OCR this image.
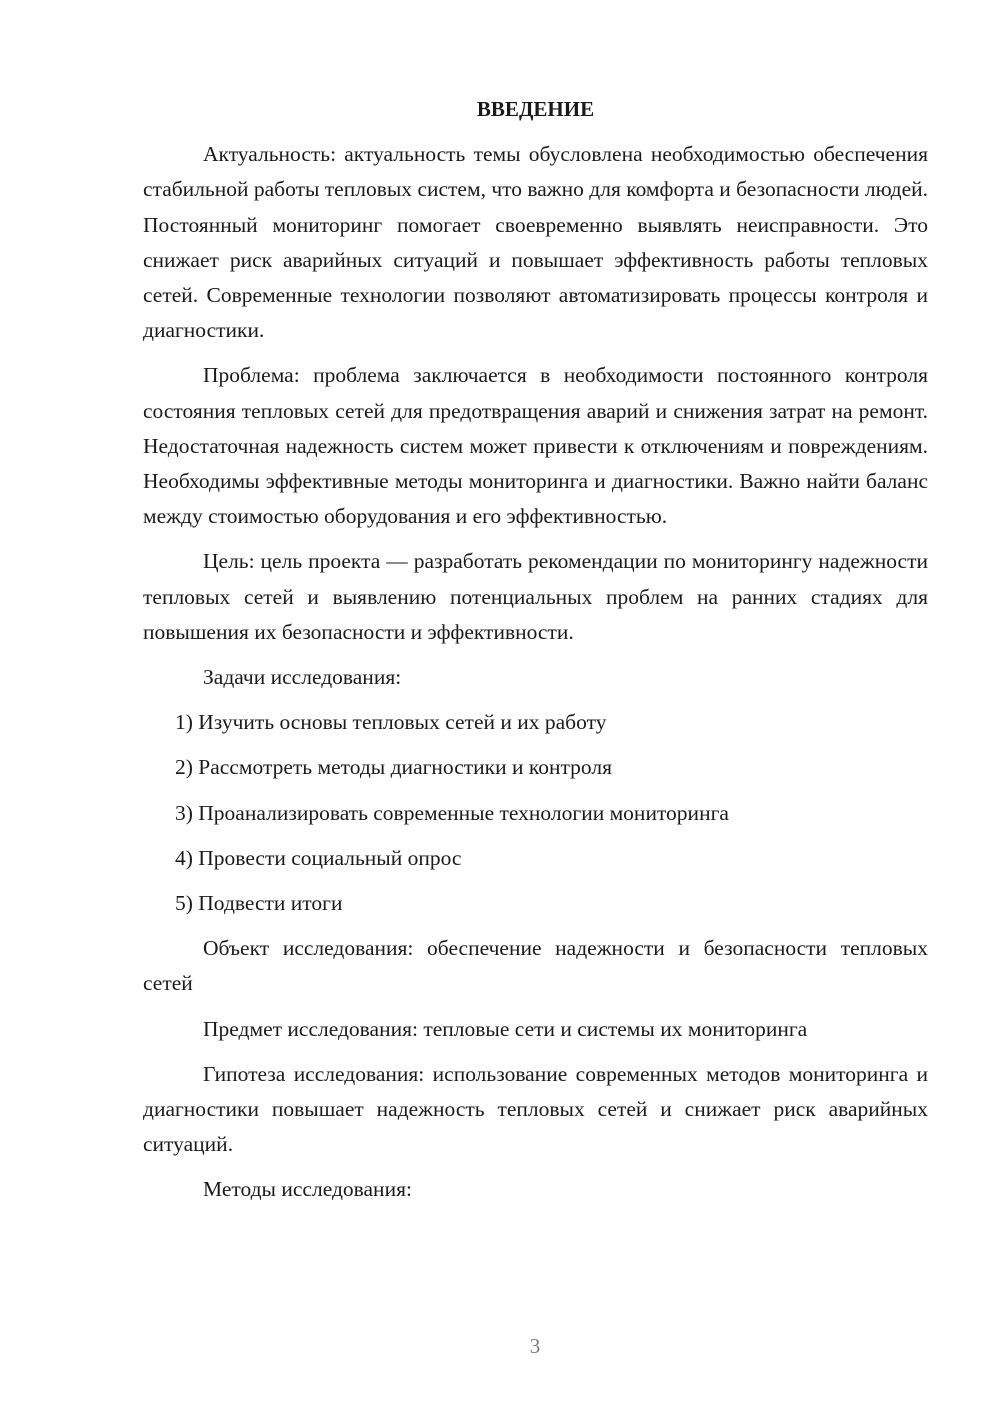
ВВЕДЕНИЕ

Актуальность: актуальность темы обусловлена необходимостью обеспечения стабильной работы тепловых систем, что важно для комфорта и безопасности людей. Постоянный мониторинг помогает своевременно выявлять неисправности. Это снижает риск аварийных ситуаций и повышает эффективность работы тепловых сетей. Современные технологии позволяют автоматизировать процессы контроля и диагностики.

Проблема: проблема заключается в необходимости постоянного контроля состояния тепловых сетей для предотвращения аварий и снижения затрат на ремонт. Недостаточная надежность систем может привести к отключениям и повреждениям. Необходимы эффективные методы мониторинга и диагностики. Важно найти баланс между стоимостью оборудования и его эффективностью.

Цель: цель проекта — разработать рекомендации по мониторингу надежности тепловых сетей и выявлению потенциальных проблем на ранних стадиях для повышения их безопасности и эффективности.

Задачи исследования:

1) Изучить основы тепловых сетей и их работу

2) Рассмотреть методы диагностики и контроля

3) Проанализировать современные технологии мониторинга

4) Провести социальный опрос

5) Подвести итоги

Объект исследования: обеспечение надежности и безопасности тепловых сетей

Предмет исследования: тепловые сети и системы их мониторинга

Гипотеза исследования: использование современных методов мониторинга и диагностики повышает надежность тепловых сетей и снижает риск аварийных ситуаций.

Методы исследования:

3
